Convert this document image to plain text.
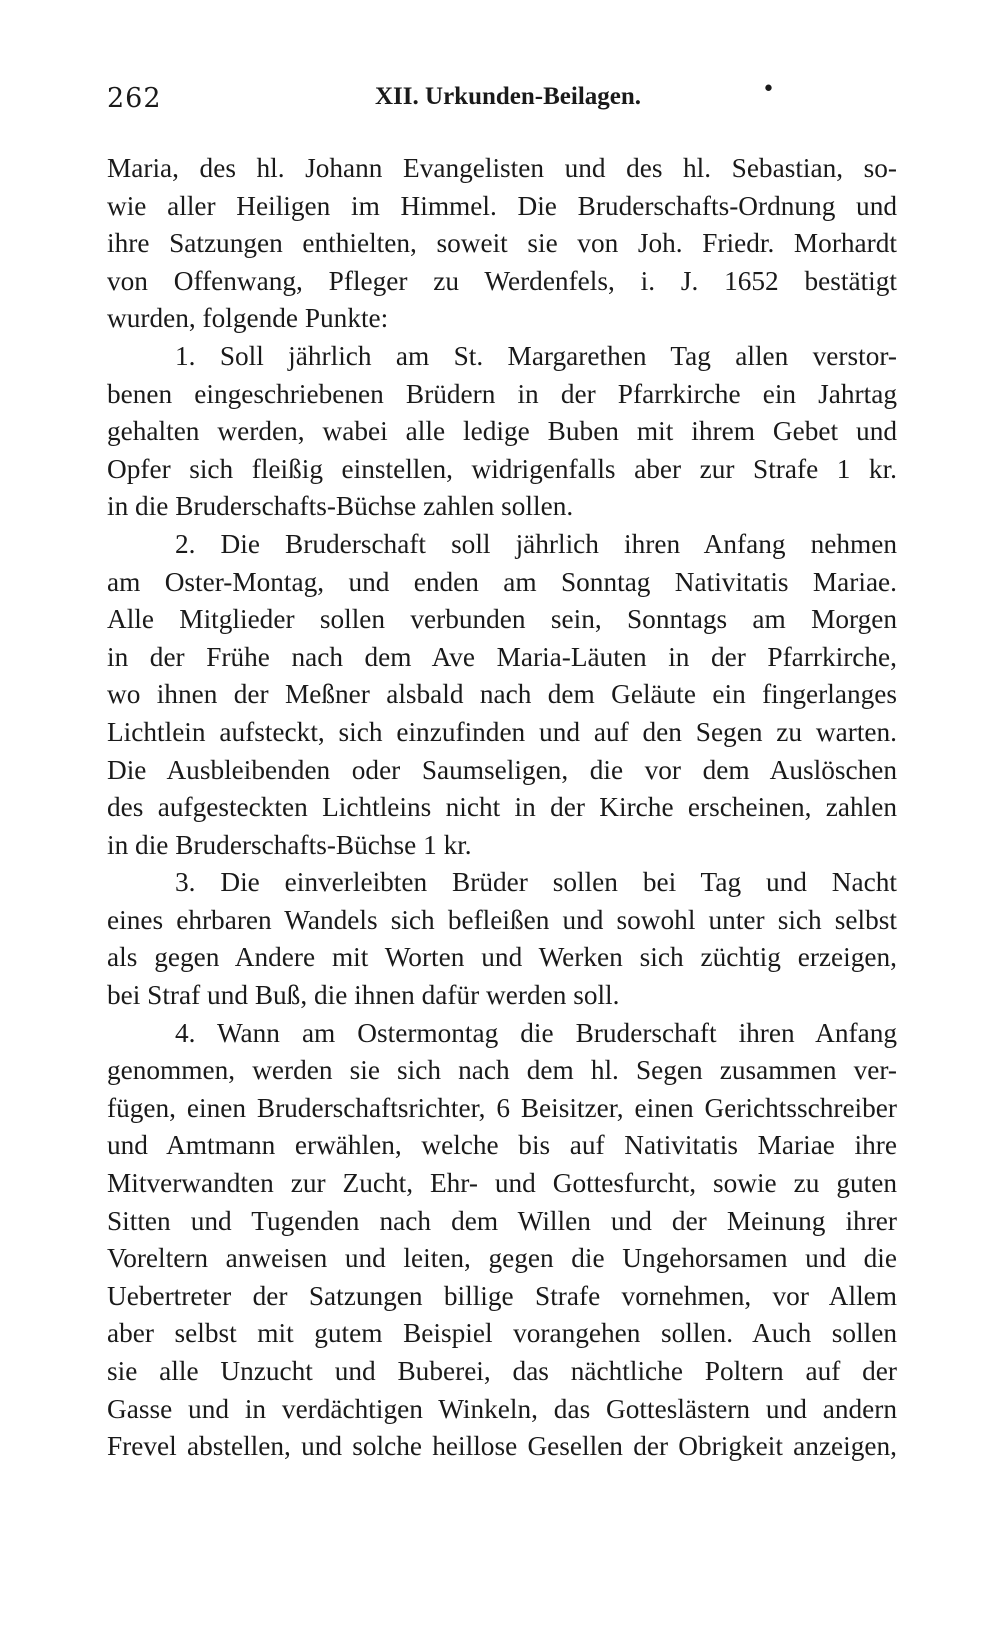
262	XII. Urkunden-Beilagen.	•
Maria, des hl. Johann Evangelisten und des hl. Sebastian, so-
wie aller Heiligen im Himmel. Die Bruderschafts-Ordnung und
ihre Satzungen enthielten, soweit sie von Joh. Friedr. Morhardt
von Offenwang, Pfleger zu Werdenfels, i. J. 1652 bestätigt
wurden, folgende Punkte:
1. Soll jährlich am St. Margarethen Tag allen verstor-
benen eingeschriebenen Brüdern in der Pfarrkirche ein Jahrtag
gehalten werden, wabei alle ledige Buben mit ihrem Gebet und
Opfer sich fleißig einstellen, widrigenfalls aber zur Strafe 1 kr.
in die Bruderschafts-Büchse zahlen sollen.
2. Die Bruderschaft soll jährlich ihren Anfang nehmen
am Oster-Montag, und enden am Sonntag Nativitatis Mariae.
Alle Mitglieder sollen verbunden sein, Sonntags am Morgen
in der Frühe nach dem Ave Maria-Läuten in der Pfarrkirche,
wo ihnen der Meßner alsbald nach dem Geläute ein fingerlanges
Lichtlein aufsteckt, sich einzufinden und auf den Segen zu warten.
Die Ausbleibenden oder Saumseligen, die vor dem Auslöschen
des aufgesteckten Lichtleins nicht in der Kirche erscheinen, zahlen
in die Bruderschafts-Büchse 1 kr.
3. Die einverleibten Brüder sollen bei Tag und Nacht
eines ehrbaren Wandels sich befleißen und sowohl unter sich selbst
als gegen Andere mit Worten und Werken sich züchtig erzeigen,
bei Straf und Buß, die ihnen dafür werden soll.
4. Wann am Ostermontag die Bruderschaft ihren Anfang
genommen, werden sie sich nach dem hl. Segen zusammen ver-
fügen, einen Bruderschaftsrichter, 6 Beisitzer, einen Gerichtsschreiber
und Amtmann erwählen, welche bis auf Nativitatis Mariae ihre
Mitverwandten zur Zucht, Ehr- und Gottesfurcht, sowie zu guten
Sitten und Tugenden nach dem Willen und der Meinung ihrer
Voreltern anweisen und leiten, gegen die Ungehorsamen und die
Uebertreter der Satzungen billige Strafe vornehmen, vor Allem
aber selbst mit gutem Beispiel vorangehen sollen. Auch sollen
sie alle Unzucht und Buberei, das nächtliche Poltern auf der
Gasse und in verdächtigen Winkeln, das Gotteslästern und andern
Frevel abstellen, und solche heillose Gesellen der Obrigkeit anzeigen,
